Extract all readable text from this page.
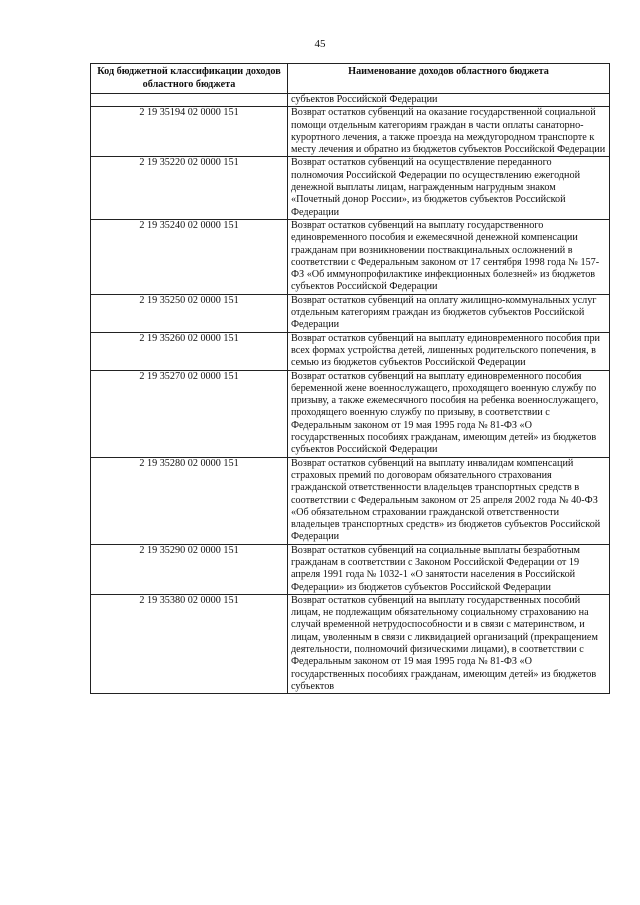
45
Код бюджетной классификации доходов областного бюджета	Наименование доходов областного бюджета
	субъектов Российской Федерации
2 19 35194 02 0000 151	Возврат остатков субвенций на оказание государственной социальной помощи отдельным категориям граждан в части оплаты санаторно-курортного лечения, а также проезда на междугородном транспорте к месту лечения и обратно из бюджетов субъектов Российской Федерации
2 19 35220 02 0000 151	Возврат остатков субвенций на осуществление переданного полномочия Российской Федерации по осуществлению ежегодной денежной выплаты лицам, награжденным нагрудным знаком «Почетный донор России», из бюджетов субъектов Российской Федерации
2 19 35240 02 0000 151	Возврат остатков субвенций на выплату государственного единовременного пособия и ежемесячной денежной компенсации гражданам при возникновении поствакцинальных осложнений в соответствии с Федеральным законом от 17 сентября 1998 года № 157-ФЗ «Об иммунопрофилактике инфекционных болезней» из бюджетов субъектов Российской Федерации
2 19 35250 02 0000 151	Возврат остатков субвенций на оплату жилищно-коммунальных услуг отдельным категориям граждан из бюджетов субъектов Российской Федерации
2 19 35260 02 0000 151	Возврат остатков субвенций на выплату единовременного пособия при всех формах устройства детей, лишенных родительского попечения, в семью из бюджетов субъектов Российской Федерации
2 19 35270 02 0000 151	Возврат остатков субвенций на выплату единовременного пособия беременной жене военнослужащего, проходящего военную службу по призыву, а также ежемесячного пособия на ребенка военнослужащего, проходящего военную службу по призыву, в соответствии с Федеральным законом от 19 мая 1995 года № 81-ФЗ «О государственных пособиях гражданам, имеющим детей» из бюджетов субъектов Российской Федерации
2 19 35280 02 0000 151	Возврат остатков субвенций на выплату инвалидам компенсаций страховых премий по договорам обязательного страхования гражданской ответственности владельцев транспортных средств в соответствии с Федеральным законом от 25 апреля 2002 года № 40-ФЗ «Об обязательном страховании гражданской ответственности владельцев транспортных средств» из бюджетов субъектов Российской Федерации
2 19 35290 02 0000 151	Возврат остатков субвенций на социальные выплаты безработным гражданам в соответствии с Законом Российской Федерации от 19 апреля 1991 года № 1032-1 «О занятости населения в Российской Федерации» из бюджетов субъектов Российской Федерации
2 19 35380 02 0000 151	Возврат остатков субвенций на выплату государственных пособий лицам, не подлежащим обязательному социальному страхованию на случай временной нетрудоспособности и в связи с материнством, и лицам, уволенным в связи с ликвидацией организаций (прекращением деятельности, полномочий физическими лицами), в соответствии с Федеральным законом от 19 мая 1995 года № 81-ФЗ «О государственных пособиях гражданам, имеющим детей» из бюджетов субъектов
